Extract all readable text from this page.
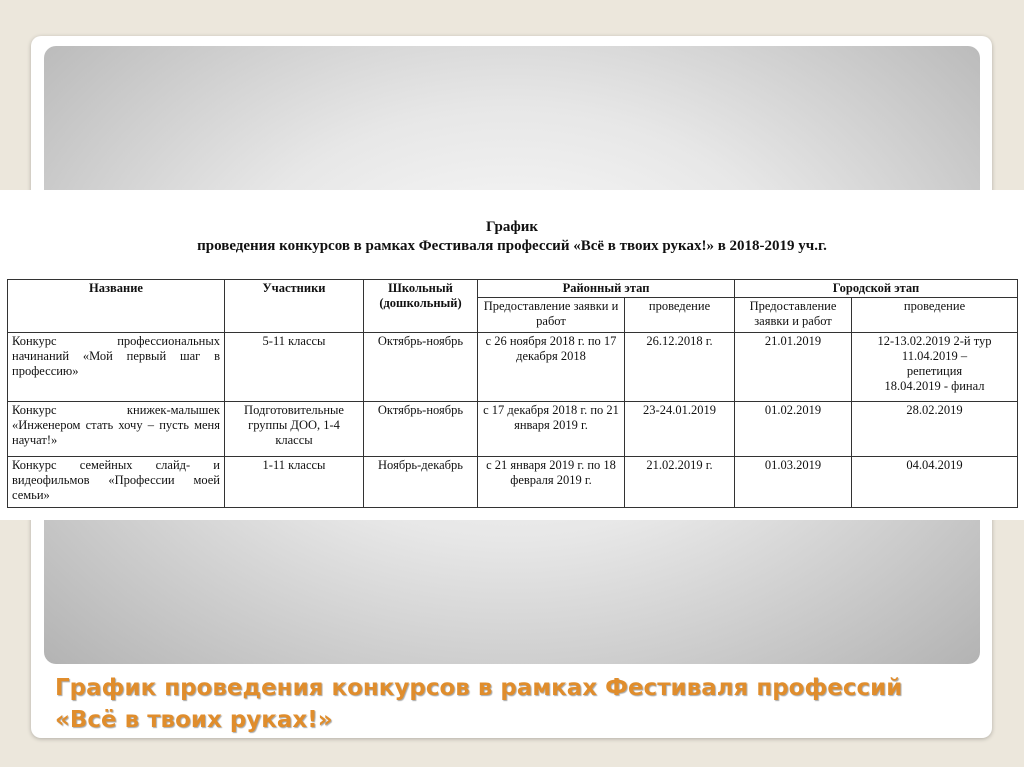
График
проведения конкурсов в рамках Фестиваля профессий «Всё в твоих руках!» в 2018-2019 уч.г.
Название	Участники	Школьный (дошкольный)	Районный этап		Городской этап	
			Предоставление заявки и работ	проведение	Предоставление заявки и работ	проведение
Конкурс профессиональных начинаний «Мой первый шаг в профессию»	5-11 классы	Октябрь-ноябрь	с 26 ноября 2018 г. по 17 декабря 2018	26.12.2018 г.	21.01.2019	12-13.02.2019 2-й тур
11.04.2019 –
репетиция
18.04.2019 - финал

Конкурс книжек-малышек «Инженером стать хочу – пусть меня научат!»	Подготовительные группы ДОО, 1-4 классы	Октябрь-ноябрь	с 17 декабря 2018 г. по 21 января 2019 г.	23-24.01.2019	01.02.2019	28.02.2019

Конкурс семейных слайд- и видеофильмов «Профессии моей семьи»	1-11 классы	Ноябрь-декабрь	с 21 января 2019 г. по 18 февраля 2019 г.	21.02.2019 г.	01.03.2019	04.04.2019
График проведения конкурсов в рамках Фестиваля профессий «Всё в твоих руках!»
